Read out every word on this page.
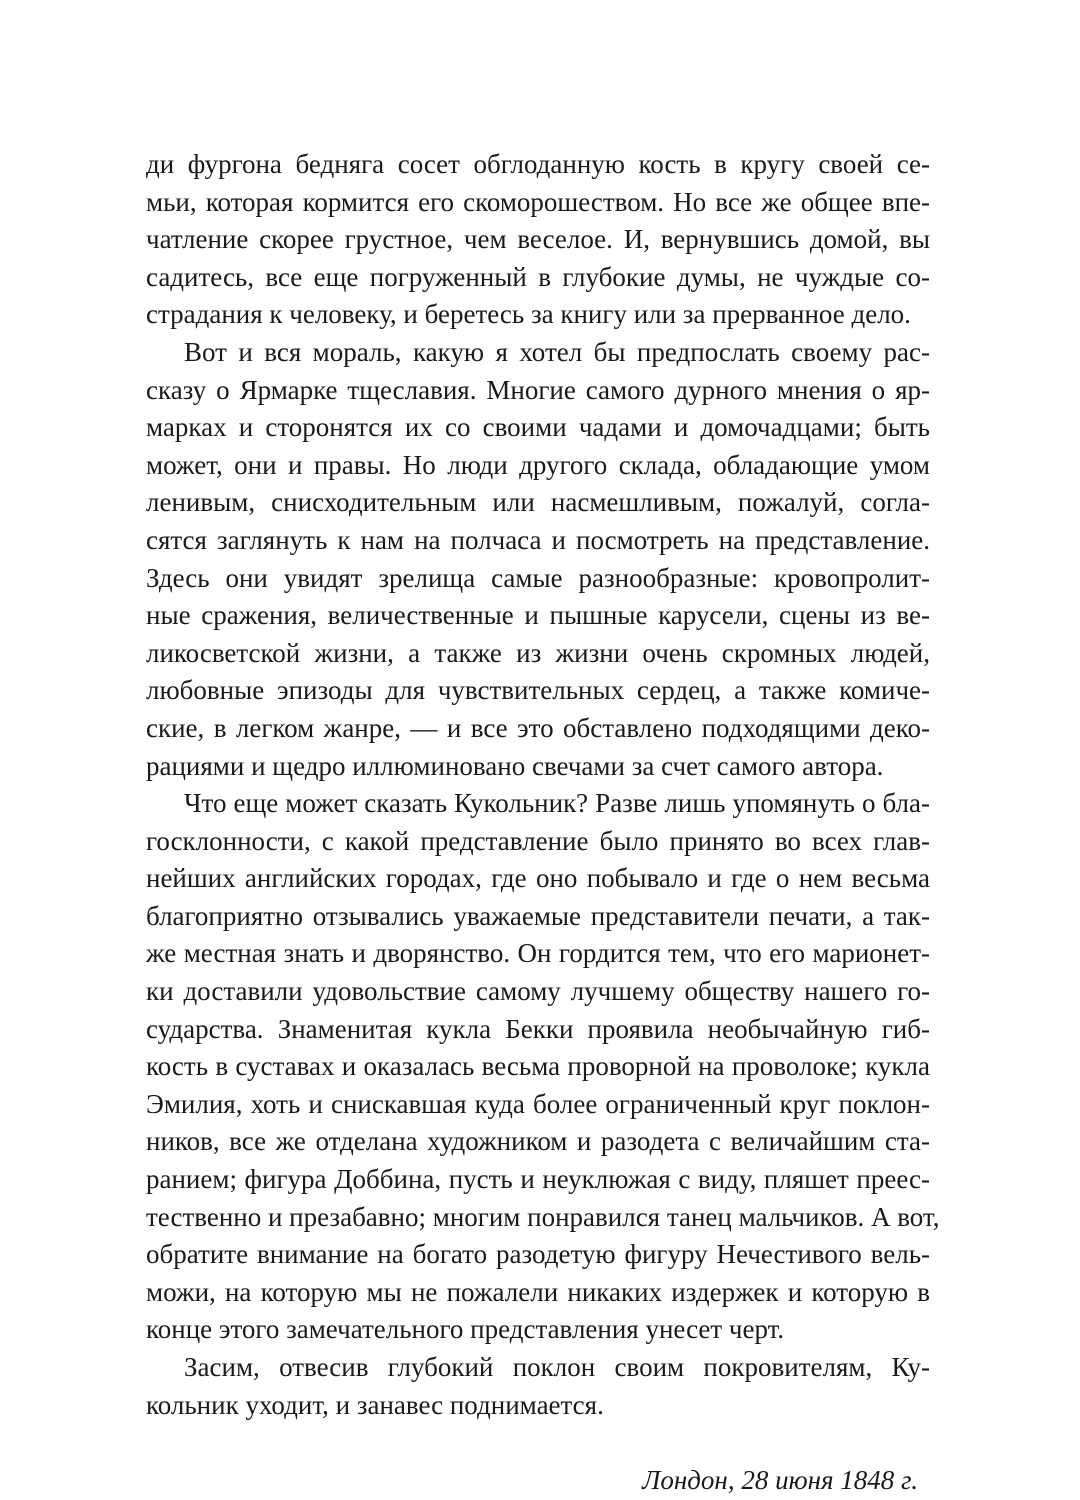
ди фургона бедняга сосет обглоданную кость в кругу своей се-
мьи, которая кормится его скоморошеством. Но все же общее впе-
чатление скорее грустное, чем веселое. И, вернувшись домой, вы
садитесь, все еще погруженный в глубокие думы, не чуждые со-
страдания к человеку, и беретесь за книгу или за прерванное дело.

Вот и вся мораль, какую я хотел бы предпослать своему рас-
сказу о Ярмарке тщеславия. Многие самого дурного мнения о яр-
марках и сторонятся их со своими чадами и домочадцами; быть
может, они и правы. Но люди другого склада, обладающие умом
ленивым, снисходительным или насмешливым, пожалуй, согла-
сятся заглянуть к нам на полчаса и посмотреть на представление.
Здесь они увидят зрелища самые разнообразные: кровопролит-
ные сражения, величественные и пышные карусели, сцены из ве-
ликосветской жизни, а также из жизни очень скромных людей,
любовные эпизоды для чувствительных сердец, а также комиче-
ские, в легком жанре, — и все это обставлено подходящими деко-
рациями и щедро иллюминовано свечами за счет самого автора.

Что еще может сказать Кукольник? Разве лишь упомянуть о бла-
госклонности, с какой представление было принято во всех глав-
нейших английских городах, где оно побывало и где о нем весьма
благоприятно отзывались уважаемые представители печати, а так-
же местная знать и дворянство. Он гордится тем, что его марионет-
ки доставили удовольствие самому лучшему обществу нашего го-
сударства. Знаменитая кукла Бекки проявила необычайную гиб-
кость в суставах и оказалась весьма проворной на проволоке; кукла
Эмилия, хоть и снискавшая куда более ограниченный круг поклон-
ников, все же отделана художником и разодета с величайшим ста-
ранием; фигура Доббина, пусть и неуклюжая с виду, пляшет преес-
тественно и презабавно; многим понравился танец мальчиков. А вот,
обратите внимание на богато разодетую фигуру Нечестивого вель-
можи, на которую мы не пожалели никаких издержек и которую в
конце этого замечательного представления унесет черт.

Засим, отвесив глубокий поклон своим покровителям, Ку-
кольник уходит, и занавес поднимается.

Лондон, 28 июня 1848 г.
